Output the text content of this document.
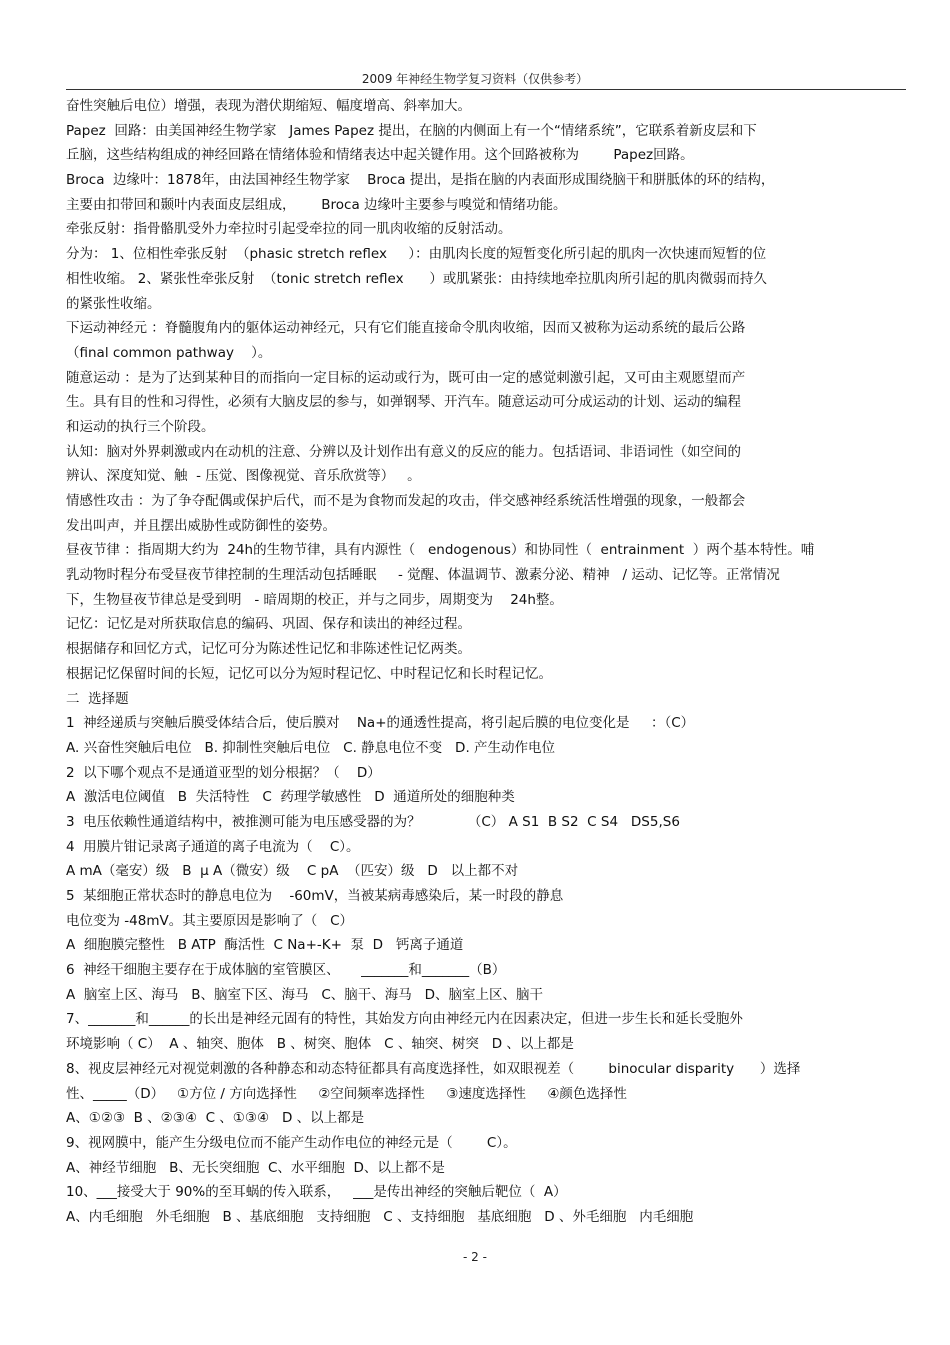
2009 年神经生物学复习资料（仅供参考）
奋性突触后电位）增强，表现为潜伏期缩短、幅度增高、斜率加大。
Papez  回路：由美国神经生物学家   James Papez 提出，在脑的内侧面上有一个“情绪系统”，它联系着新皮层和下
丘脑，这些结构组成的神经回路在情绪体验和情绪表达中起关键作用。这个回路被称为        Papez回路。
Broca  边缘叶：1878年，由法国神经生物学家    Broca 提出，是指在脑的内表面形成围绕脑干和胼胝体的环的结构，
主要由扣带回和颞叶内表面皮层组成，      Broca 边缘叶主要参与嗅觉和情绪功能。
牵张反射：指骨骼肌受外力牵拉时引起受牵拉的同一肌肉收缩的反射活动。
分为： 1、位相性牵张反射  （phasic stretch reflex     ）：由肌肉长度的短暂变化所引起的肌肉一次快速而短暂的位
相性收缩。 2、紧张性牵张反射  （tonic stretch reflex      ）或肌紧张：由持续地牵拉肌肉所引起的肌肉微弱而持久
的紧张性收缩。
下运动神经元 ：脊髓腹角内的躯体运动神经元，只有它们能直接命令肌肉收缩，因而又被称为运动系统的最后公路
（final common pathway    ）。
随意运动 ：是为了达到某种目的而指向一定目标的运动或行为，既可由一定的感觉刺激引起，又可由主观愿望而产
生。具有目的性和习得性，必须有大脑皮层的参与，如弹钢琴、开汽车。随意运动可分成运动的计划、运动的编程
和运动的执行三个阶段。
认知：脑对外界刺激或内在动机的注意、分辨以及计划作出有意义的反应的能力。包括语词、非语词性（如空间的
辨认、深度知觉、触  - 压觉、图像视觉、音乐欣赏等）   。
情感性攻击 ：为了争夺配偶或保护后代，而不是为食物而发起的攻击，伴交感神经系统活性增强的现象，一般都会
发出叫声，并且摆出威胁性或防御性的姿势。
昼夜节律 ：指周期大约为  24h的生物节律，具有内源性（   endogenous）和协同性（  entrainment  ）两个基本特性。哺
乳动物时程分布受昼夜节律控制的生理活动包括睡眠     - 觉醒、体温调节、激素分泌、精神   / 运动、记忆等。正常情况
下，生物昼夜节律总是受到明   - 暗周期的校正，并与之同步，周期变为    24h整。
记忆：记忆是对所获取信息的编码、巩固、保存和读出的神经过程。
根据储存和回忆方式，记忆可分为陈述性记忆和非陈述性记忆两类。
根据记忆保留时间的长短，记忆可以分为短时程记忆、中时程记忆和长时程记忆。
二  选择题
1  神经递质与突触后膜受体结合后，使后膜对    Na+的通透性提高，将引起后膜的电位变化是     ：（C）
A. 兴奋性突触后电位   B. 抑制性突触后电位   C. 静息电位不变   D. 产生动作电位
2  以下哪个观点不是通道亚型的划分根据？（    D）
A  激活电位阈值   B  失活特性   C  药理学敏感性   D  通道所处的细胞种类
3  电压依赖性通道结构中，被推测可能为电压感受器的为？           （C） A S1  B S2  C S4   DS5,S6
4  用膜片钳记录离子通道的离子电流为（    C）。
A mA（毫安）级   B  μ A（微安）级    C pA  （匹安）级   D   以上都不对
5  某细胞正常状态时的静息电位为    -60mV，当被某病毒感染后，某一时段的静息
电位变为 -48mV。其主要原因是影响了（   C）
A  细胞膜完整性   B ATP  酶活性  C Na+-K+  泵  D   钙离子通道
6  神经干细胞主要存在于成体脑的室管膜区、     _______和_______（B）
A  脑室上区、海马   B、脑室下区、海马   C、脑干、海马   D、脑室上区、脑干
7、_______和______的长出是神经元固有的特性，其始发方向由神经元内在因素决定，但进一步生长和延长受胞外
环境影响（ C）  A 、轴突、胞体   B 、树突、胞体   C 、轴突、树突   D 、以上都是
8、视皮层神经元对视觉刺激的各种静态和动态特征都具有高度选择性，如双眼视差（        binocular disparity      ）选择
性、_____（D）   ①方位 / 方向选择性     ②空间频率选择性     ③速度选择性     ④颜色选择性
A、①②③  B 、②③④  C 、①③④   D 、以上都是
9、视网膜中，能产生分级电位而不能产生动作电位的神经元是（        C）。
A、神经节细胞   B、无长突细胞  C、水平细胞  D、以上都不是
10、___接受大于 90%的至耳蜗的传入联系，   ___是传出神经的突触后靶位（  A）
A、内毛细胞   外毛细胞   B 、基底细胞   支持细胞   C 、支持细胞   基底细胞   D 、外毛细胞   内毛细胞
- 2 -
